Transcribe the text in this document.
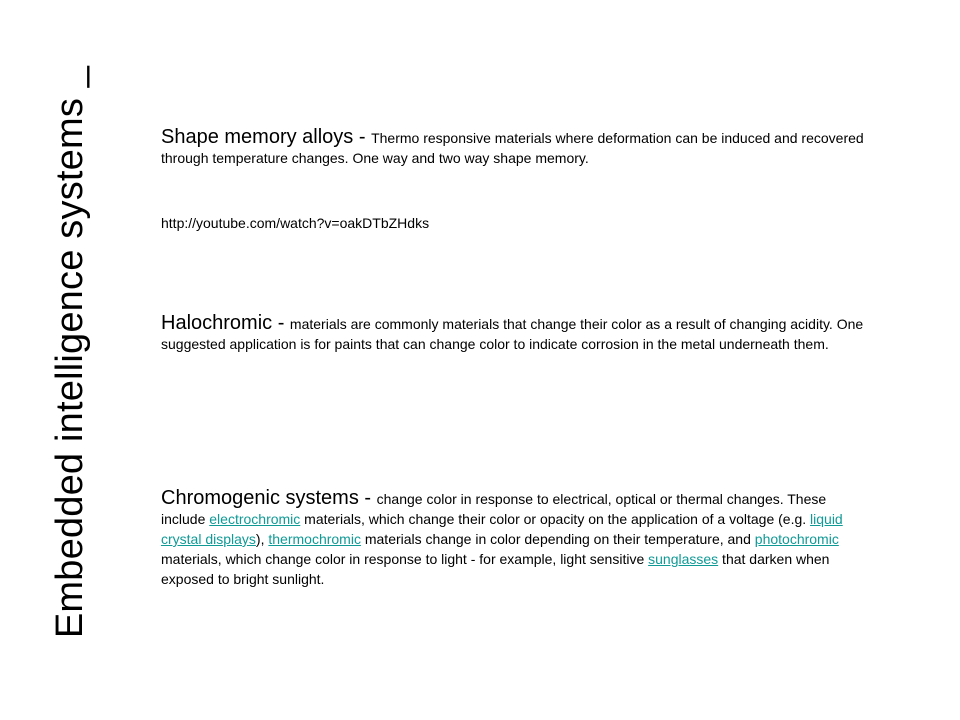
Embedded intelligence systems _	Shape memory alloys - Thermo responsive materials where deformation can be induced and recovered through temperature changes. One way and two way shape memory.
http://youtube.com/watch?v=oakDTbZHdks
Halochromic - materials are commonly materials that change their color as a result of changing acidity. One suggested application is for paints that can change color to indicate corrosion in the metal underneath them.
Chromogenic systems - change color in response to electrical, optical or thermal changes. These include electrochromic materials, which change their color or opacity on the application of a voltage (e.g. liquid crystal displays), thermochromic materials change in color depending on their temperature, and photochromic materials, which change color in response to light - for example, light sensitive sunglasses that darken when exposed to bright sunlight.
